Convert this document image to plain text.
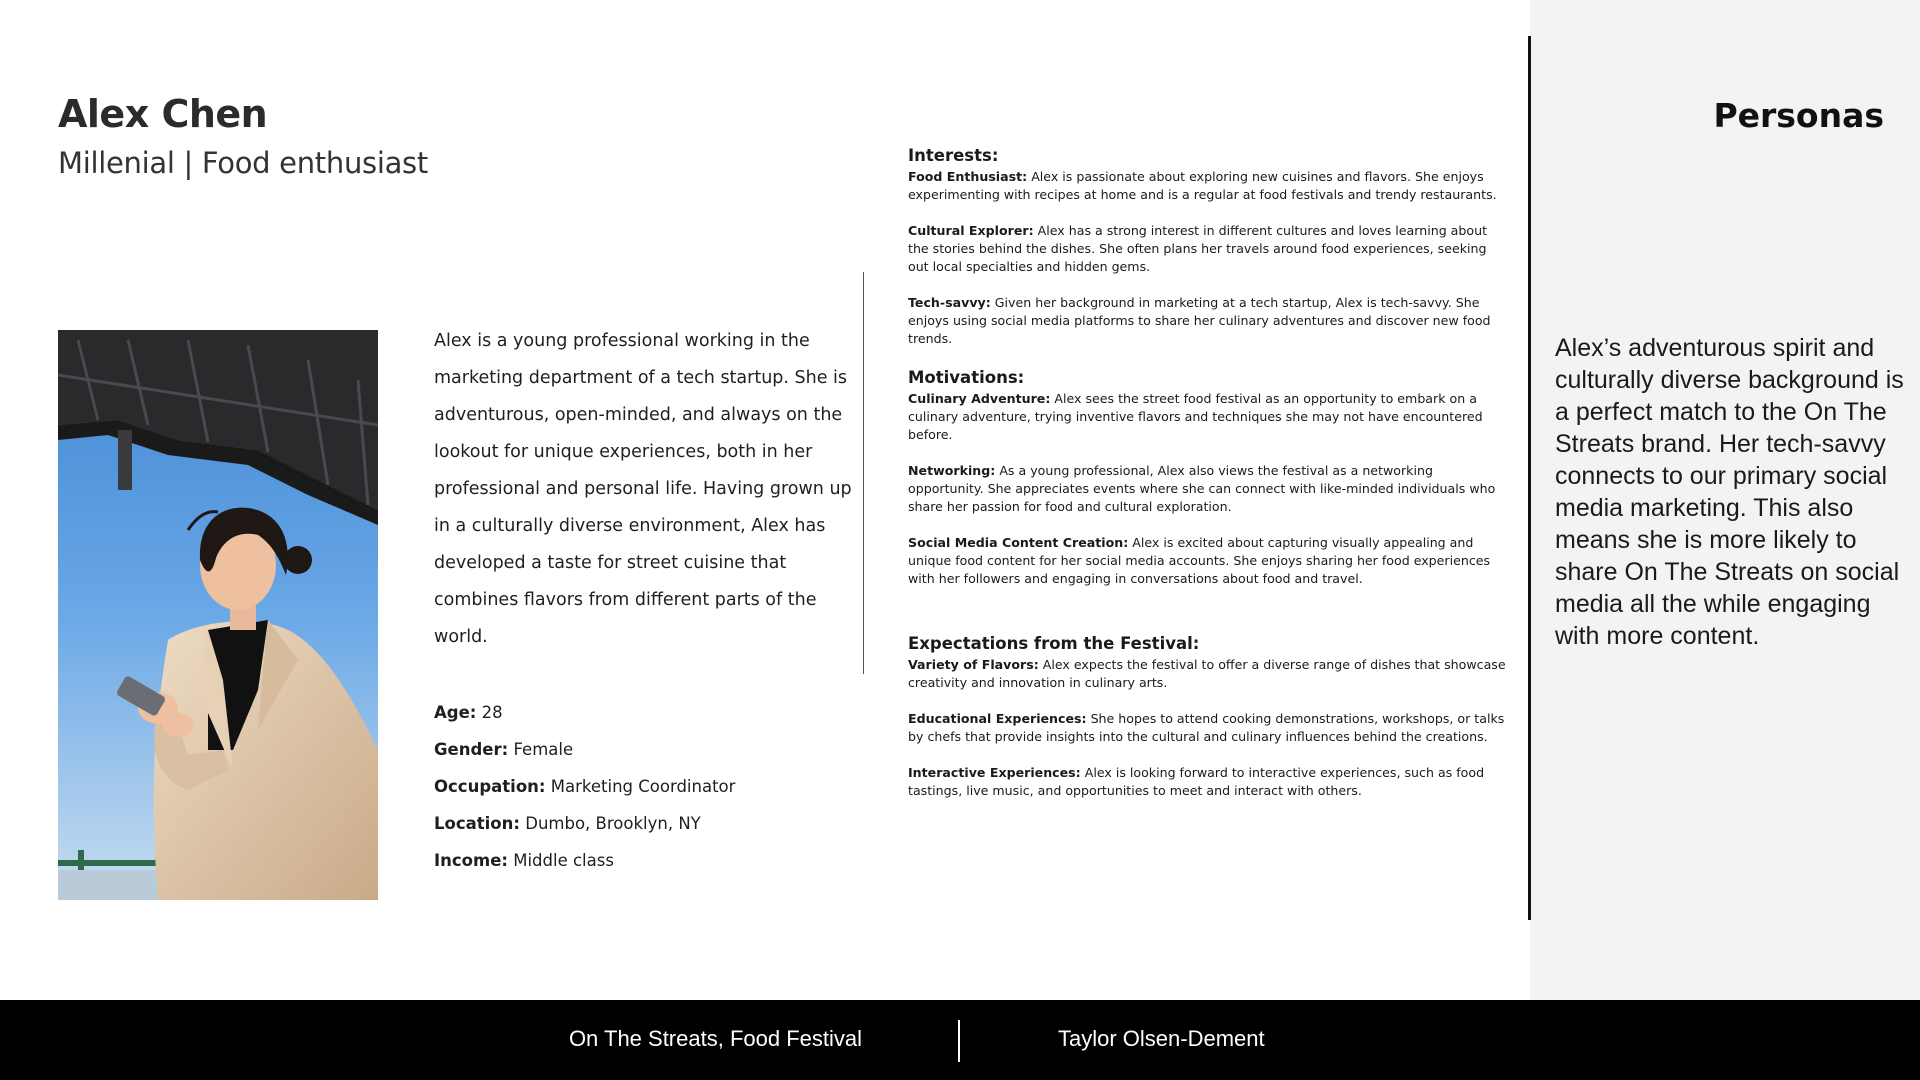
Alex Chen
Millenial | Food enthusiast

Alex is a young professional working in the marketing department of a tech startup. She is adventurous, open-minded, and always on the lookout for unique experiences, both in her professional and personal life. Having grown up in a culturally diverse environment, Alex has developed a taste for street cuisine that combines flavors from different parts of the world.

Age: 28
Gender: Female
Occupation: Marketing Coordinator
Location: Dumbo, Brooklyn, NY
Income: Middle class
Interests:
Food Enthusiast: Alex is passionate about exploring new cuisines and flavors. She enjoys experimenting with recipes at home and is a regular at food festivals and trendy restaurants.
Cultural Explorer: Alex has a strong interest in different cultures and loves learning about the stories behind the dishes. She often plans her travels around food experiences, seeking out local specialties and hidden gems.
Tech-savvy: Given her background in marketing at a tech startup, Alex is tech-savvy. She enjoys using social media platforms to share her culinary adventures and discover new food trends.
Motivations:
Culinary Adventure: Alex sees the street food festival as an opportunity to embark on a culinary adventure, trying inventive flavors and techniques she may not have encountered before.
Networking: As a young professional, Alex also views the festival as a networking opportunity. She appreciates events where she can connect with like-minded individuals who share her passion for food and cultural exploration.
Social Media Content Creation: Alex is excited about capturing visually appealing and unique food content for her social media accounts. She enjoys sharing her food experiences with her followers and engaging in conversations about food and travel.
Expectations from the Festival:
Variety of Flavors: Alex expects the festival to offer a diverse range of dishes that showcase creativity and innovation in culinary arts.
Educational Experiences: She hopes to attend cooking demonstrations, workshops, or talks by chefs that provide insights into the cultural and culinary influences behind the creations.
Interactive Experiences: Alex is looking forward to interactive experiences, such as food tastings, live music, and opportunities to meet and interact with others.
Personas

Alex’s adventurous spirit and culturally diverse background is a perfect match to the On The Streats brand. Her tech-savvy connects to our primary social media marketing. This also means she is more likely to share On The Streats on social media all the while engaging with more content.

On The Streats, Food Festival	Taylor Olsen-Dement
